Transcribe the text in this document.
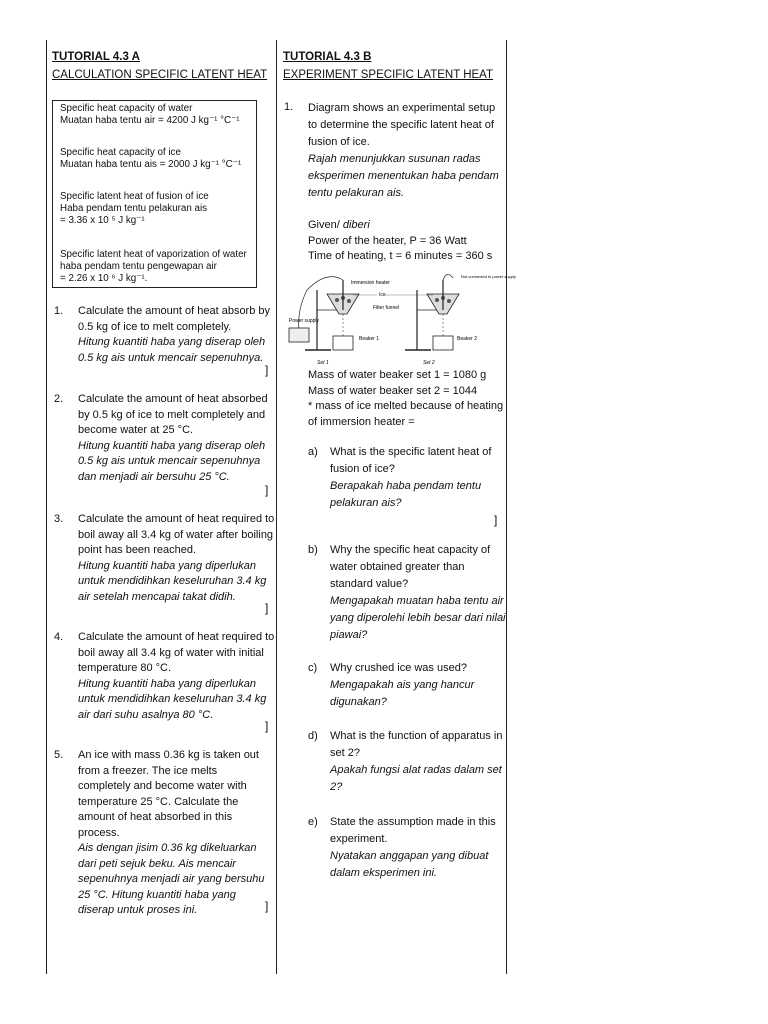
TUTORIAL 4.3 A
CALCULATION SPECIFIC LATENT HEAT
Specific heat capacity of water
Muatan haba tentu air = 4200 J kg⁻¹ °C⁻¹
Specific heat capacity of ice
Muatan haba tentu ais = 2000 J kg⁻¹ °C⁻¹
Specific latent heat of fusion of ice
Haba pendam tentu pelakuran ais
= 3.36 x 10 ⁵ J kg⁻¹
Specific latent heat of vaporization of water
haba pendam tentu pengewapan air
= 2.26 x 10 ⁶ J kg⁻¹.
1. Calculate the amount of heat absorb by 0.5 kg of ice to melt completely.
Hitung kuantiti haba yang diserap oleh 0.5 kg ais untuk mencair sepenuhnya.
]
2. Calculate the amount of heat absorbed by 0.5 kg of ice to melt completely and become water at 25 °C.
Hitung kuantiti haba yang diserap oleh 0.5 kg ais untuk mencair sepenuhnya dan menjadi air bersuhu 25 °C.
]
3. Calculate the amount of heat required to boil away all 3.4 kg of water after boiling point has been reached.
Hitung kuantiti haba yang diperlukan untuk mendidihkan keseluruhan 3.4 kg air setelah mencapai takat didih.
]
4. Calculate the amount of heat required to boil away all 3.4 kg of water with initial temperature 80 °C.
Hitung kuantiti haba yang diperlukan untuk mendidihkan keseluruhan 3.4 kg air dari suhu asalnya 80 °C.
]
5. An ice with mass 0.36 kg is taken out from a freezer. The ice melts completely and become water with temperature 25 °C. Calculate the amount of heat absorbed in this process.
Ais dengan jisim 0.36 kg dikeluarkan dari peti sejuk beku. Ais mencair sepenuhnya menjadi air yang bersuhu 25 °C. Hitung kuantiti haba yang diserap untuk proses ini.	]
TUTORIAL 4.3 B
EXPERIMENT SPECIFIC LATENT HEAT
1. Diagram shows an experimental setup to determine the specific latent heat of fusion of ice.
Rajah menunjukkan susunan radas eksperimen menentukan haba pendam tentu pelakuran ais.
Given/ diberi
Power of the heater, P = 36 Watt
Time of heating, t = 6 minutes = 360 s
Power supply
Immersion heater
Ice
Filter funnel
Beaker 1	Beaker 2
Not connected to power supply
Set 1	Set 2
Mass of water beaker set 1 = 1080 g
Mass of water beaker set 2 = 1044
* mass of ice melted because of heating of immersion heater =
a) What is the specific latent heat of fusion of ice?
Berapakah haba pendam tentu pelakuran ais?
]
b) Why the specific heat capacity of water obtained greater than standard value?
Mengapakah muatan haba tentu air yang diperolehi lebih besar dari nilai piawai?
c) Why crushed ice was used?
Mengapakah ais yang hancur digunakan?
d) What is the function of apparatus in set 2?
Apakah fungsi alat radas dalam set 2?
e) State the assumption made in this experiment.
Nyatakan anggapan yang dibuat dalam eksperimen ini.
